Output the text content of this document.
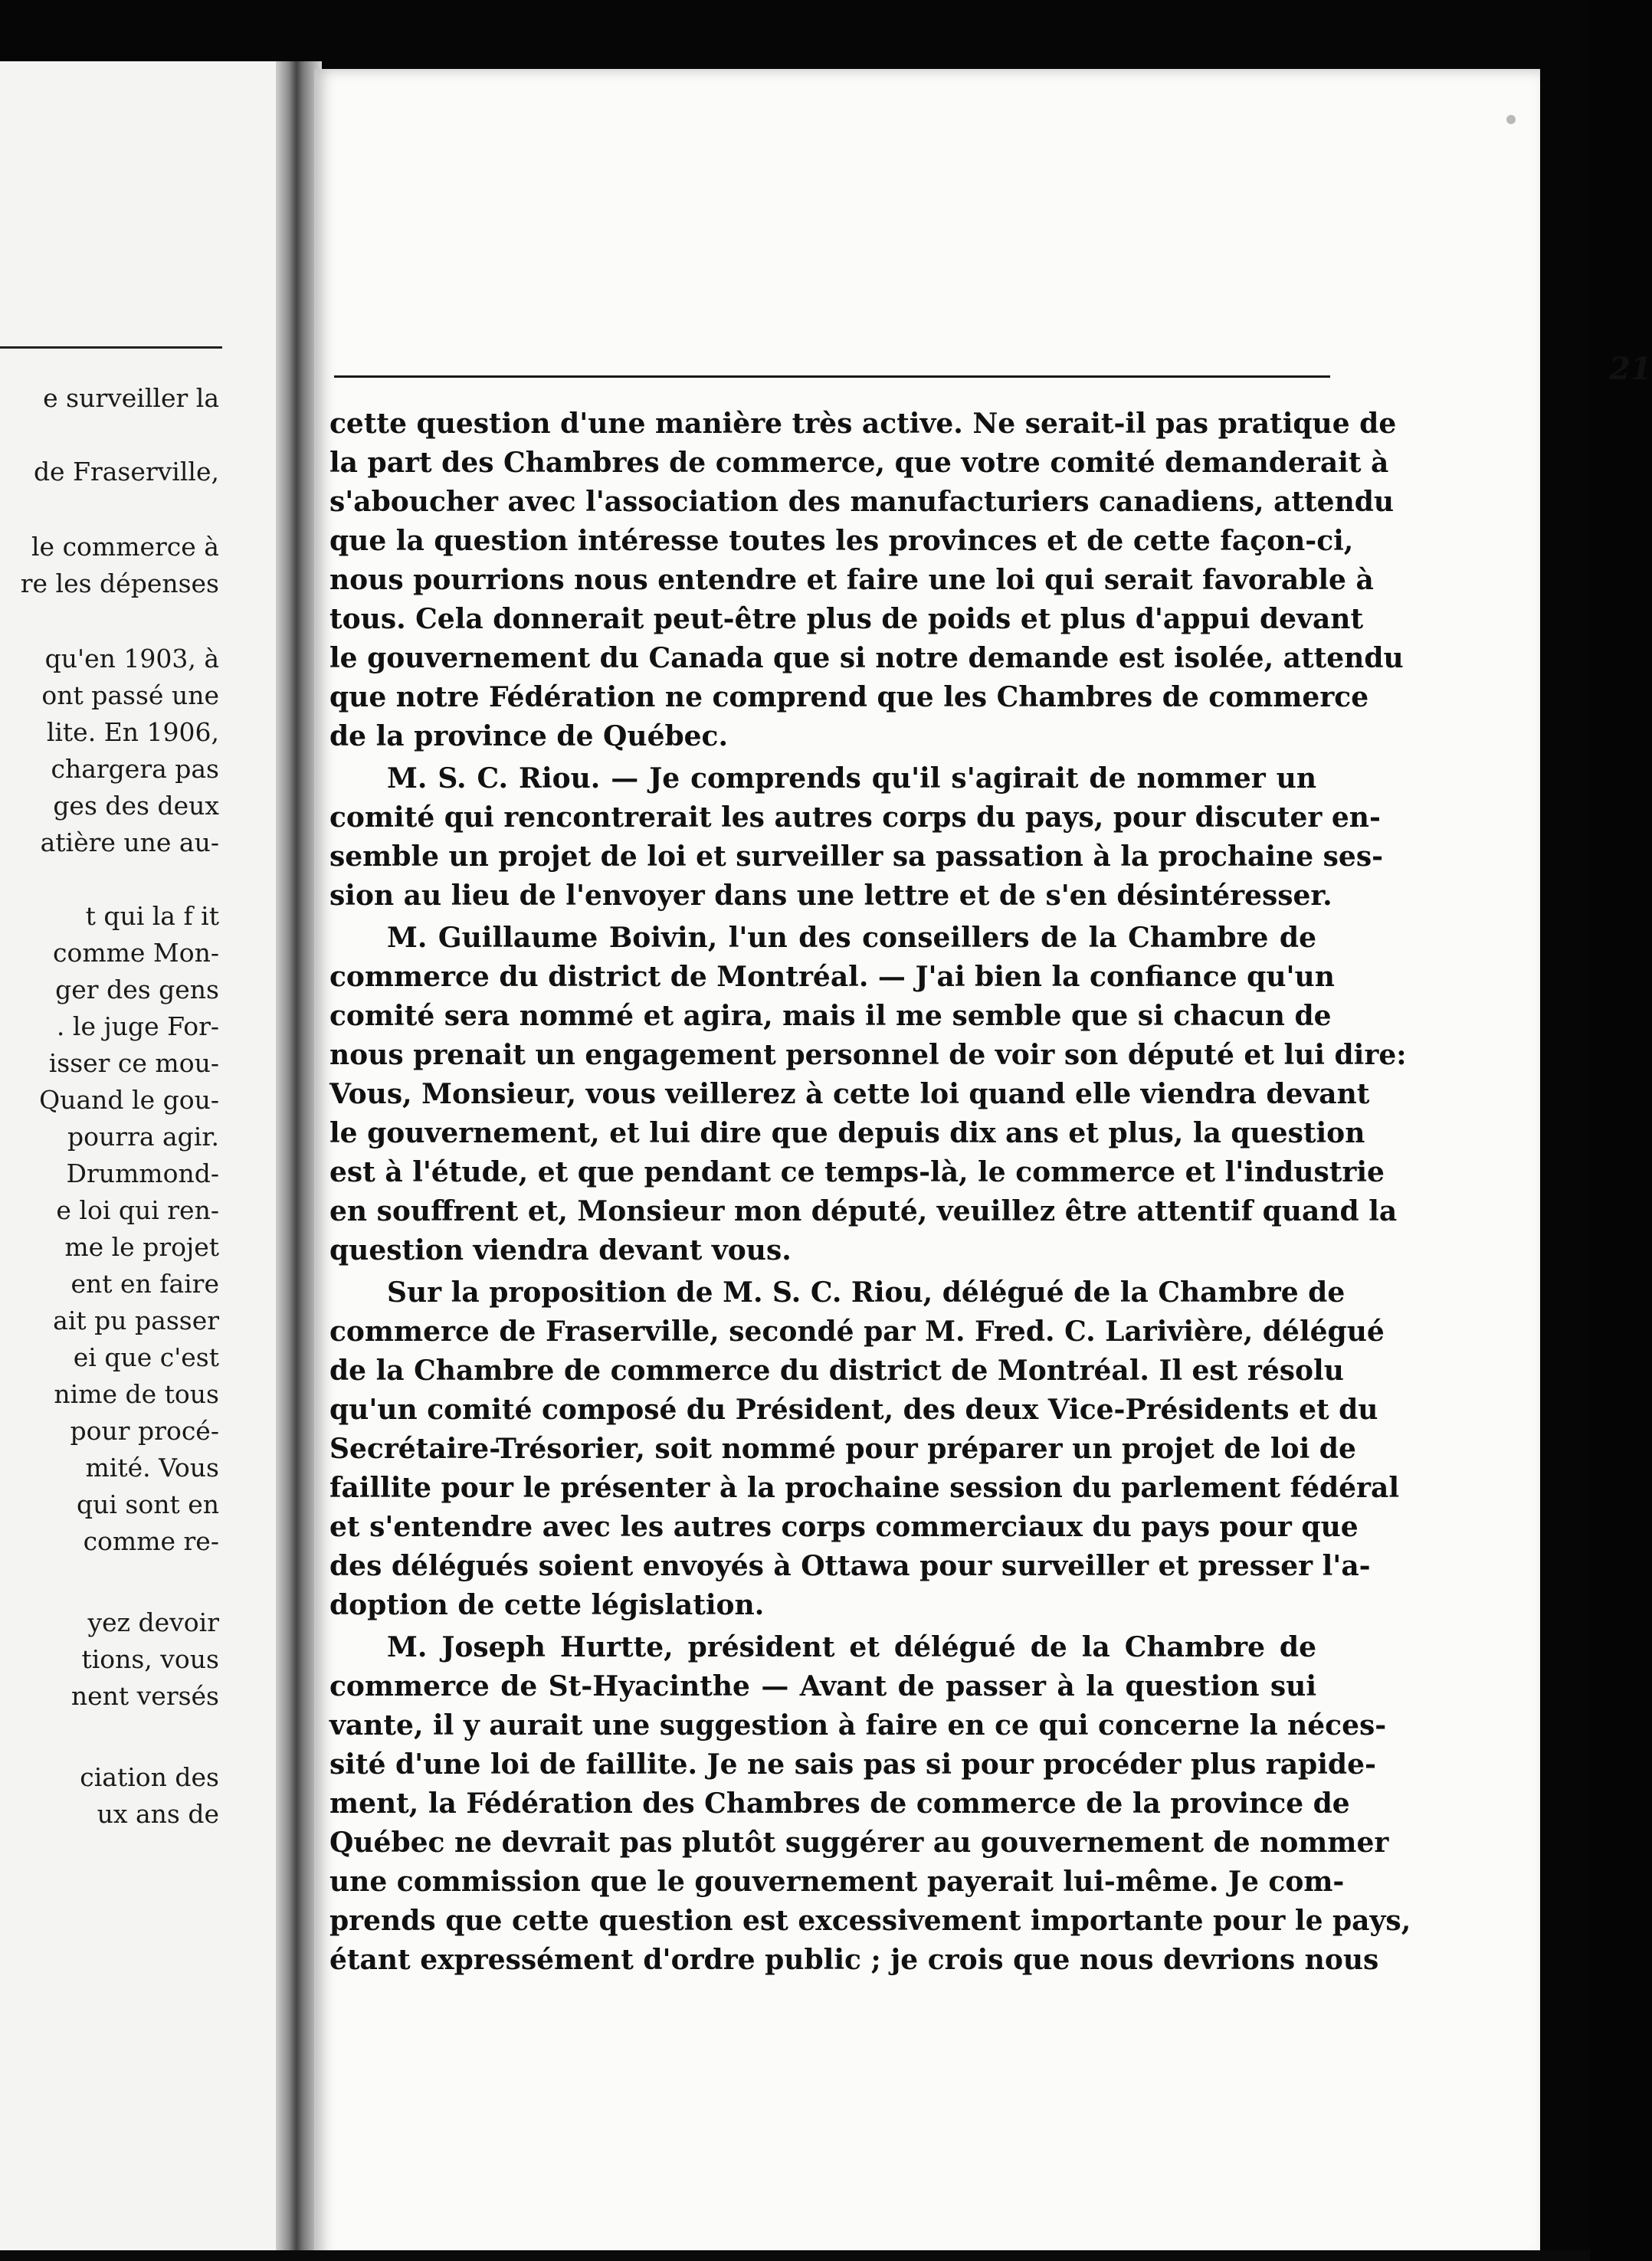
e surveiller la
de Fraserville,
le commerce à
re les dépenses
qu'en 1903, à
ont passé une
lite. En 1906,
chargera pas
ges des deux
atière une au-
t qui la f it
comme Mon-
ger des gens
. le juge For-
isser ce mou-
Quand le gou-
pourra agir.
Drummond-
e loi qui ren-
me le projet
ent en faire
ait pu passer
ei que c'est
nime de tous
pour procé-
mité. Vous
qui sont en
comme re-
yez devoir
tions, vous
nent versés
ciation des
ux ans de
21
cette question d'une manière très active. Ne serait-il pas pratique de
la part des Chambres de commerce, que votre comité demanderait à
s'aboucher avec l'association des manufacturiers canadiens, attendu
que la question intéresse toutes les provinces et de cette façon-ci,
nous pourrions nous entendre et faire une loi qui serait favorable à
tous. Cela donnerait peut-être plus de poids et plus d'appui devant
le gouvernement du Canada que si notre demande est isolée, attendu
que notre Fédération ne comprend que les Chambres de commerce
de la province de Québec.
M. S. C. Riou. — Je comprends qu'il s'agirait de nommer un
comité qui rencontrerait les autres corps du pays, pour discuter en-
semble un projet de loi et surveiller sa passation à la prochaine ses-
sion au lieu de l'envoyer dans une lettre et de s'en désintéresser.
M. Guillaume Boivin, l'un des conseillers de la Chambre de
commerce du district de Montréal. — J'ai bien la confiance qu'un
comité sera nommé et agira, mais il me semble que si chacun de
nous prenait un engagement personnel de voir son député et lui dire:
Vous, Monsieur, vous veillerez à cette loi quand elle viendra devant
le gouvernement, et lui dire que depuis dix ans et plus, la question
est à l'étude, et que pendant ce temps-là, le commerce et l'industrie
en souffrent et, Monsieur mon député, veuillez être attentif quand la
question viendra devant vous.
Sur la proposition de M. S. C. Riou, délégué de la Chambre de
commerce de Fraserville, secondé par M. Fred. C. Larivière, délégué
de la Chambre de commerce du district de Montréal. Il est résolu
qu'un comité composé du Président, des deux Vice-Présidents et du
Secrétaire-Trésorier, soit nommé pour préparer un projet de loi de
faillite pour le présenter à la prochaine session du parlement fédéral
et s'entendre avec les autres corps commerciaux du pays pour que
des délégués soient envoyés à Ottawa pour surveiller et presser l'a-
doption de cette législation.
M. Joseph Hurtte, président et délégué de la Chambre de
commerce de St-Hyacinthe — Avant de passer à la question sui
vante, il y aurait une suggestion à faire en ce qui concerne la néces-
sité d'une loi de faillite. Je ne sais pas si pour procéder plus rapide-
ment, la Fédération des Chambres de commerce de la province de
Québec ne devrait pas plutôt suggérer au gouvernement de nommer
une commission que le gouvernement payerait lui-même. Je com-
prends que cette question est excessivement importante pour le pays,
étant expressément d'ordre public ; je crois que nous devrions nous
